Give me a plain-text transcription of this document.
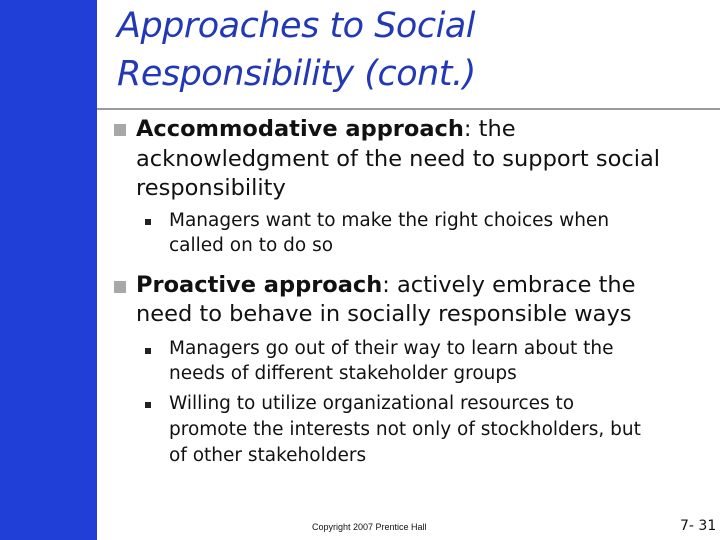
Approaches to Social
Responsibility (cont.)
Accommodative approach: the
acknowledgment of the need to support social
responsibility
Managers want to make the right choices when
called on to do so
Proactive approach: actively embrace the
need to behave in socially responsible ways
Managers go out of their way to learn about the
needs of different stakeholder groups
Willing to utilize organizational resources to
promote the interests not only of stockholders, but
of other stakeholders
Copyright 2007 Prentice Hall	7- 31
